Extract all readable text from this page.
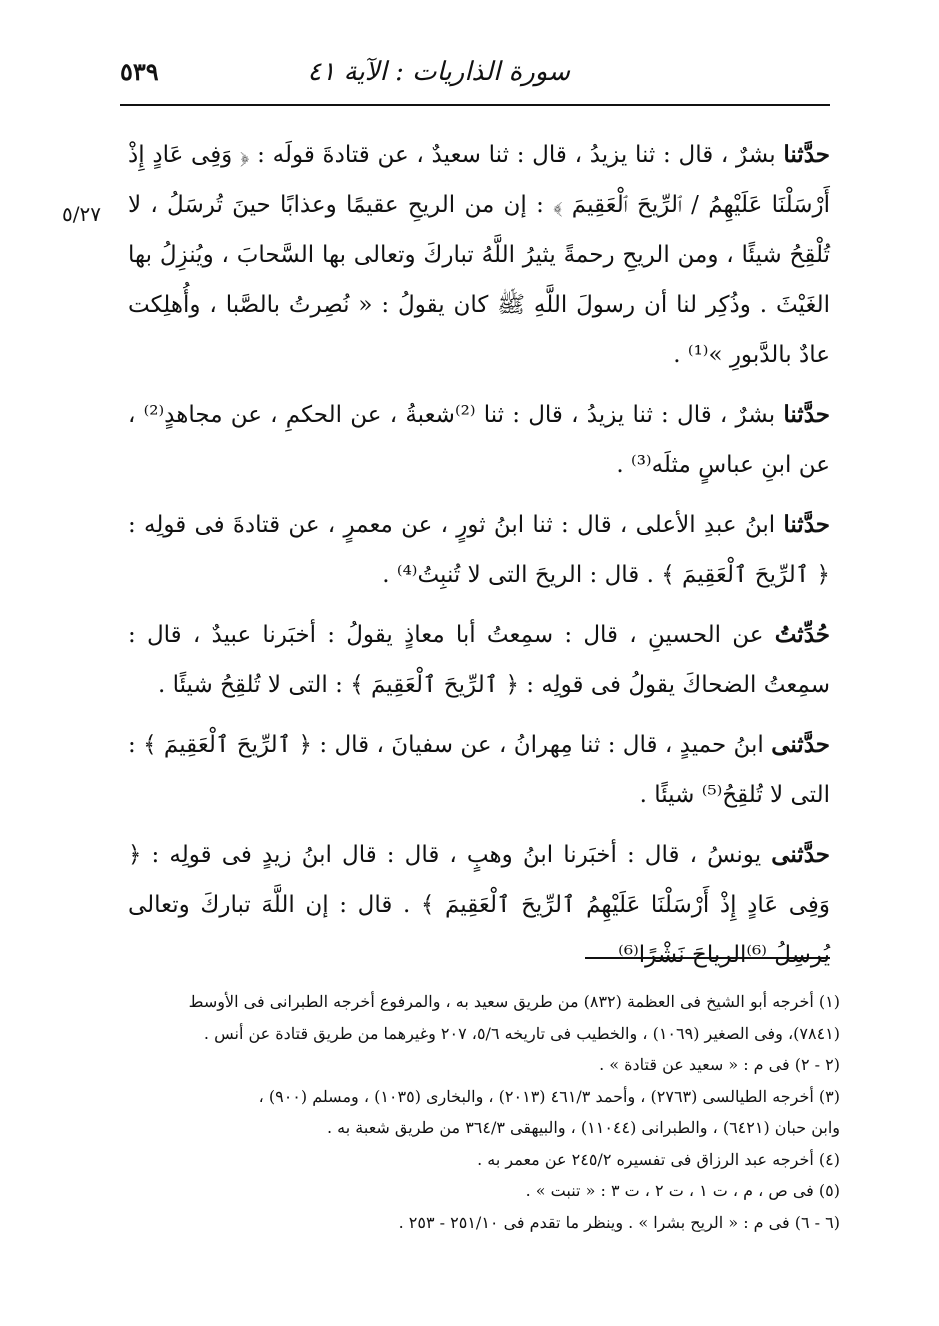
سورة الذاريات : الآية ٤١
٥٣٩
٥/٢٧

حدَّثنا بشرٌ ، قال : ثنا يزيدُ ، قال : ثنا سعيدٌ ، عن قتادةَ قولَه : ﴿ وَفِى عَادٍ إِذْ أَرْسَلْنَا عَلَيْهِمُ / ٱلرِّيحَ ٱلْعَقِيمَ ﴾ : إن من الريحِ عقيمًا وعذابًا حينَ تُرسَلُ ، لا تُلْقِحُ شيئًا ، ومن الريحِ رحمةً يثيرُ اللَّهُ تباركَ وتعالى بها السَّحابَ ، ويُنزِلُ بها الغَيْثَ . وذُكِر لنا أن رسولَ اللَّهِ ﷺ كان يقولُ : « نُصِرتُ بالصَّبا ، وأُهلِكت عادٌ بالدَّبورِ »⁽¹⁾ .

حدَّثنا بشرٌ ، قال : ثنا يزيدُ ، قال : ثنا ⁽²⁾شعبةُ ، عن الحكمِ ، عن مجاهدٍ⁽²⁾ ، عن ابنِ عباسٍ مثلَه⁽³⁾ .

حدَّثنا ابنُ عبدِ الأعلى ، قال : ثنا ابنُ ثورٍ ، عن معمرٍ ، عن قتادةَ فى قولِه : ﴿ ٱلرِّيحَ ٱلْعَقِيمَ ﴾ . قال : الريحَ التى لا تُنبِتُ⁽⁴⁾ .

حُدِّثتُ عن الحسينِ ، قال : سمِعتُ أبا معاذٍ يقولُ : أخبَرنا عبيدٌ ، قال : سمِعتُ الضحاكَ يقولُ فى قولِه : ﴿ ٱلرِّيحَ ٱلْعَقِيمَ ﴾ : التى لا تُلقِحُ شيئًا .

حدَّثنى ابنُ حميدٍ ، قال : ثنا مِهرانُ ، عن سفيانَ ، قال : ﴿ ٱلرِّيحَ ٱلْعَقِيمَ ﴾ : التى لا تُلقِحُ⁽⁵⁾ شيئًا .

حدَّثنى يونسُ ، قال : أخبَرنا ابنُ وهبٍ ، قال : قال ابنُ زيدٍ فى قولِه : ﴿ وَفِى عَادٍ إِذْ أَرْسَلْنَا عَلَيْهِمُ ٱلرِّيحَ ٱلْعَقِيمَ ﴾ . قال : إن اللَّهَ تباركَ وتعالى يُرسِلُ ⁽⁶⁾الرياحَ نَشْرًا⁽⁶⁾

(١) أخرجه أبو الشيخ فى العظمة (٨٣٢) من طريق سعيد به ، والمرفوع أخرجه الطبرانى فى الأوسط
(٧٨٤١)، وفى الصغير (١٠٦٩) ، والخطيب فى تاريخه ٥/٦، ٢٠٧ وغيرهما من طريق قتادة عن أنس .
(٢ - ٢) فى م : « سعيد عن قتادة » .
(٣) أخرجه الطيالسى (٢٧٦٣) ، وأحمد ٤٦١/٣ (٢٠١٣) ، والبخارى (١٠٣٥) ، ومسلم (٩٠٠) ،
وابن حبان (٦٤٢١) ، والطبرانى (١١٠٤٤) ، والبيهقى ٣٦٤/٣ من طريق شعبة به .
(٤) أخرجه عبد الرزاق فى تفسيره ٢٤٥/٢ عن معمر به .
(٥) فى ص ، م ، ت ١ ، ت ٢ ، ت ٣ : « تنبت » .
(٦ - ٦) فى م : « الريح بشرا » . وينظر ما تقدم فى ٢٥١/١٠ - ٢٥٣ .
